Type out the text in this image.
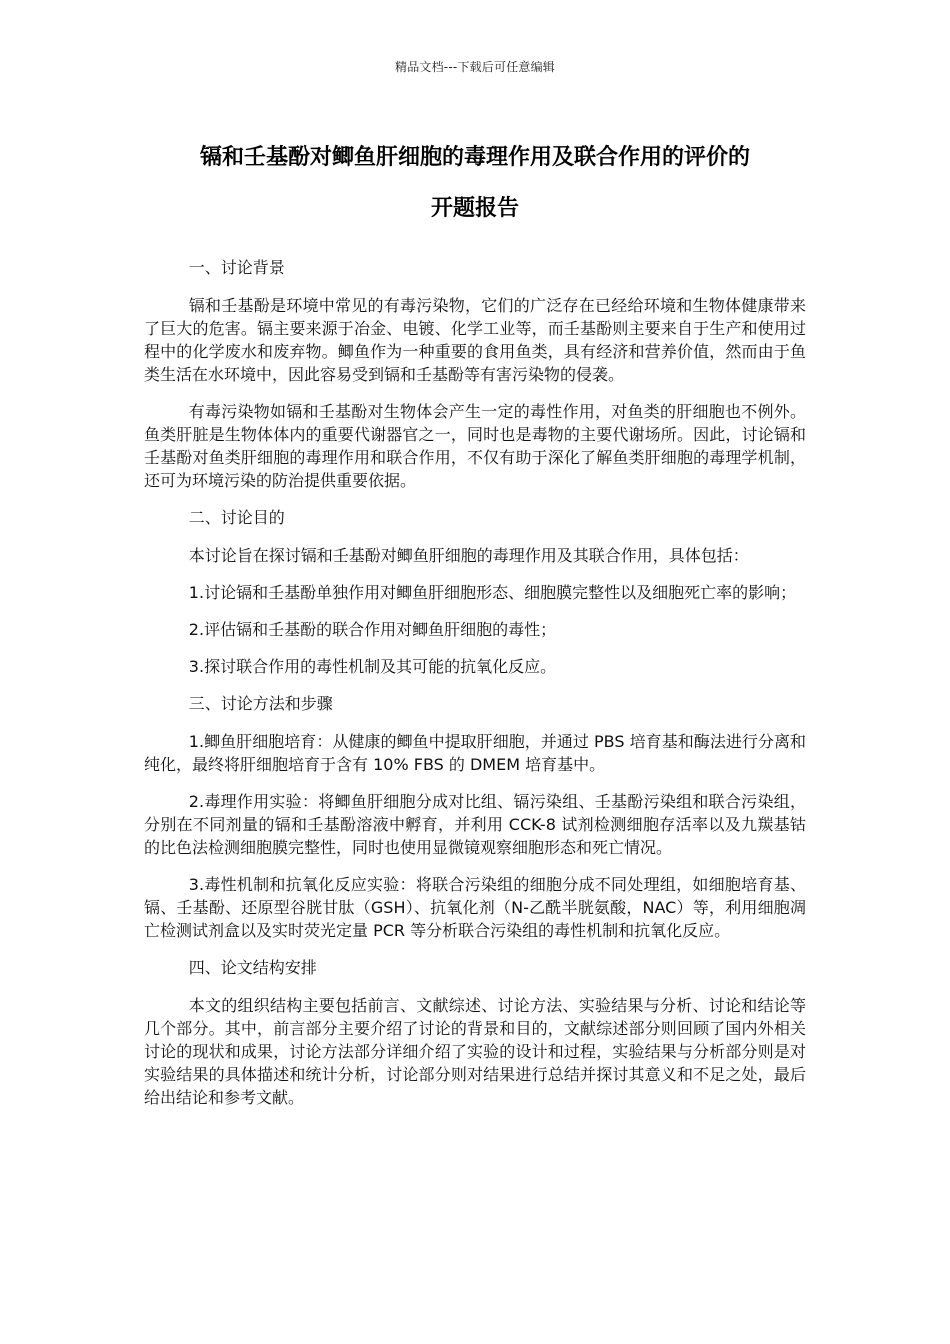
精品文档---下载后可任意编辑
镉和壬基酚对鲫鱼肝细胞的毒理作用及联合作用的评价的
开题报告

一、讨论背景

镉和壬基酚是环境中常见的有毒污染物，它们的广泛存在已经给环境和生物体健康带来了巨大的危害。镉主要来源于冶金、电镀、化学工业等，而壬基酚则主要来自于生产和使用过程中的化学废水和废弃物。鲫鱼作为一种重要的食用鱼类，具有经济和营养价值，然而由于鱼类生活在水环境中，因此容易受到镉和壬基酚等有害污染物的侵袭。

有毒污染物如镉和壬基酚对生物体会产生一定的毒性作用，对鱼类的肝细胞也不例外。鱼类肝脏是生物体体内的重要代谢器官之一，同时也是毒物的主要代谢场所。因此，讨论镉和壬基酚对鱼类肝细胞的毒理作用和联合作用，不仅有助于深化了解鱼类肝细胞的毒理学机制，还可为环境污染的防治提供重要依据。

二、讨论目的

本讨论旨在探讨镉和壬基酚对鲫鱼肝细胞的毒理作用及其联合作用，具体包括：

1.讨论镉和壬基酚单独作用对鲫鱼肝细胞形态、细胞膜完整性以及细胞死亡率的影响；

2.评估镉和壬基酚的联合作用对鲫鱼肝细胞的毒性；

3.探讨联合作用的毒性机制及其可能的抗氧化反应。

三、讨论方法和步骤

1.鲫鱼肝细胞培育：从健康的鲫鱼中提取肝细胞，并通过 PBS 培育基和酶法进行分离和纯化，最终将肝细胞培育于含有 10% FBS 的 DMEM 培育基中。

2.毒理作用实验：将鲫鱼肝细胞分成对比组、镉污染组、壬基酚污染组和联合污染组，分别在不同剂量的镉和壬基酚溶液中孵育，并利用 CCK-8 试剂检测细胞存活率以及九羰基钴的比色法检测细胞膜完整性，同时也使用显微镜观察细胞形态和死亡情况。

3.毒性机制和抗氧化反应实验：将联合污染组的细胞分成不同处理组，如细胞培育基、镉、壬基酚、还原型谷胱甘肽（GSH）、抗氧化剂（N-乙酰半胱氨酸，NAC）等，利用细胞凋亡检测试剂盒以及实时荧光定量 PCR 等分析联合污染组的毒性机制和抗氧化反应。

四、论文结构安排

本文的组织结构主要包括前言、文献综述、讨论方法、实验结果与分析、讨论和结论等几个部分。其中，前言部分主要介绍了讨论的背景和目的，文献综述部分则回顾了国内外相关讨论的现状和成果，讨论方法部分详细介绍了实验的设计和过程，实验结果与分析部分则是对实验结果的具体描述和统计分析，讨论部分则对结果进行总结并探讨其意义和不足之处，最后给出结论和参考文献。
